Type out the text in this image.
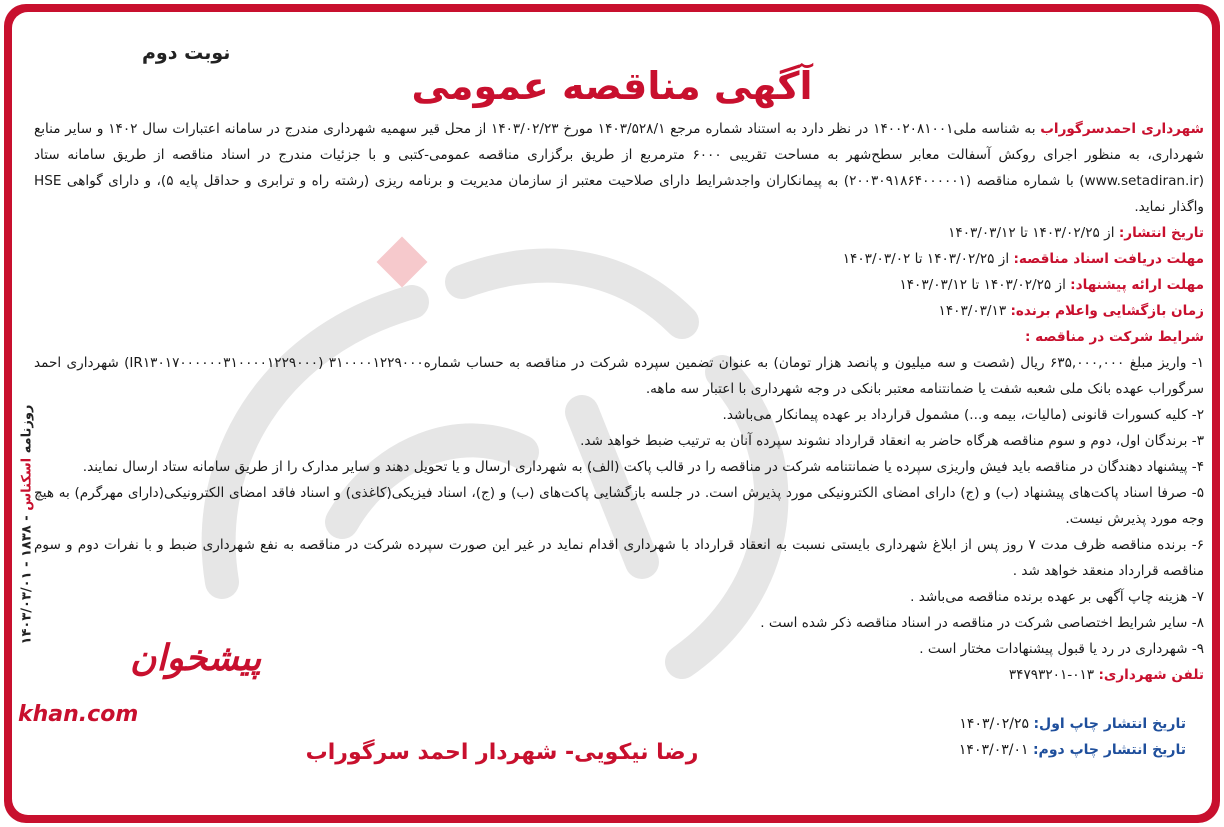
روزنامه اسکناس - ۱۸۳۸ - ۱۴۰۳/۰۳/۰۱
پیشخوان
khan.com
نوبت دوم
آگهی مناقصه عمومی

شهرداری احمدسرگوراب به شناسه ملی۱۴۰۰۲۰۸۱۰۰۱ در نظر دارد به استناد شماره مرجع ۱۴۰۳/۵۲۸/۱ مورخ ۱۴۰۳/۰۲/۲۳ از محل قیر سهمیه شهرداری مندرج در سامانه اعتبارات سال ۱۴۰۲ و سایر منابع شهرداری، به منظور اجرای روکش آسفالت معابر سطح‌شهر به مساحت تقریبی ۶۰۰۰ مترمربع از طریق برگزاری مناقصه عمومی-کتبی و با جزئیات مندرج در اسناد مناقصه از طریق سامانه ستاد (www.setadiran.ir) با شماره مناقصه (۲۰۰۳۰۹۱۸۶۴۰۰۰۰۰۱) به پیمانکاران واجدشرایط دارای صلاحیت معتبر از سازمان مدیریت و برنامه ریزی (رشته راه و ترابری و حداقل پایه ۵)، و دارای گواهی HSE واگذار نماید.

تاریخ انتشار: از ۱۴۰۳/۰۲/۲۵ تا ۱۴۰۳/۰۳/۱۲

مهلت دریافت اسناد مناقصه: از ۱۴۰۳/۰۲/۲۵ تا ۱۴۰۳/۰۳/۰۲

مهلت ارائه پیشنهاد: از ۱۴۰۳/۰۲/۲۵ تا ۱۴۰۳/۰۳/۱۲

زمان بازگشایی واعلام برنده: ۱۴۰۳/۰۳/۱۳

شرایط شرکت در مناقصه :

۱- واریز مبلغ ۶۳۵,۰۰۰,۰۰۰ ریال (شصت و سه میلیون و پانصد هزار تومان) به عنوان تضمین سپرده شرکت در مناقصه به حساب شماره۳۱۰۰۰۰۱۲۲۹۰۰۰ (IR۱۳۰۱۷۰۰۰۰۰۰۳۱۰۰۰۰۱۲۲۹۰۰۰) شهرداری احمد سرگوراب عهده بانک ملی شعبه شفت یا ضمانتنامه معتبر بانکی در وجه شهرداری با اعتبار سه ماهه.

۲- کلیه کسورات قانونی (مالیات، بیمه و...) مشمول قرارداد بر عهده پیمانکار می‌باشد.

۳- برندگان اول، دوم و سوم مناقصه هرگاه حاضر به انعقاد قرارداد نشوند سپرده آنان به ترتیب ضبط خواهد شد.

۴- پیشنهاد دهندگان در مناقصه باید فیش واریزی سپرده یا ضمانتنامه شرکت در مناقصه را در قالب پاکت (الف) به شهرداری ارسال و یا تحویل دهند و سایر مدارک را از طریق سامانه ستاد ارسال نمایند.

۵- صرفا اسناد پاکت‌های پیشنهاد (ب) و (ج) دارای امضای الکترونیکی مورد پذیرش است. در جلسه بازگشایی پاکت‌های (ب) و (ج)، اسناد فیزیکی(کاغذی) و اسناد فاقد امضای الکترونیکی(دارای مهرگرم) به هیچ وجه مورد پذیرش نیست.

۶- برنده مناقصه ظرف مدت ۷ روز پس از ابلاغ شهرداری بایستی نسبت به انعقاد قرارداد با شهرداری اقدام نماید در غیر این صورت سپرده شرکت در مناقصه به نفع شهرداری ضبط و با نفرات دوم و سوم مناقصه قرارداد منعقد خواهد شد .

۷- هزینه چاپ آگهی بر عهده برنده مناقصه می‌باشد .

۸- سایر شرایط اختصاصی شرکت در مناقصه در اسناد مناقصه ذکر شده است .

۹- شهرداری در رد یا قبول پیشنهادات مختار است .

تلفن شهرداری: ۰۱۳-۳۴۷۹۳۲۰۱

تاریخ انتشار چاپ اول: ۱۴۰۳/۰۲/۲۵
تاریخ انتشار چاپ دوم: ۱۴۰۳/۰۳/۰۱
رضا نیکویی- شهردار احمد سرگوراب
